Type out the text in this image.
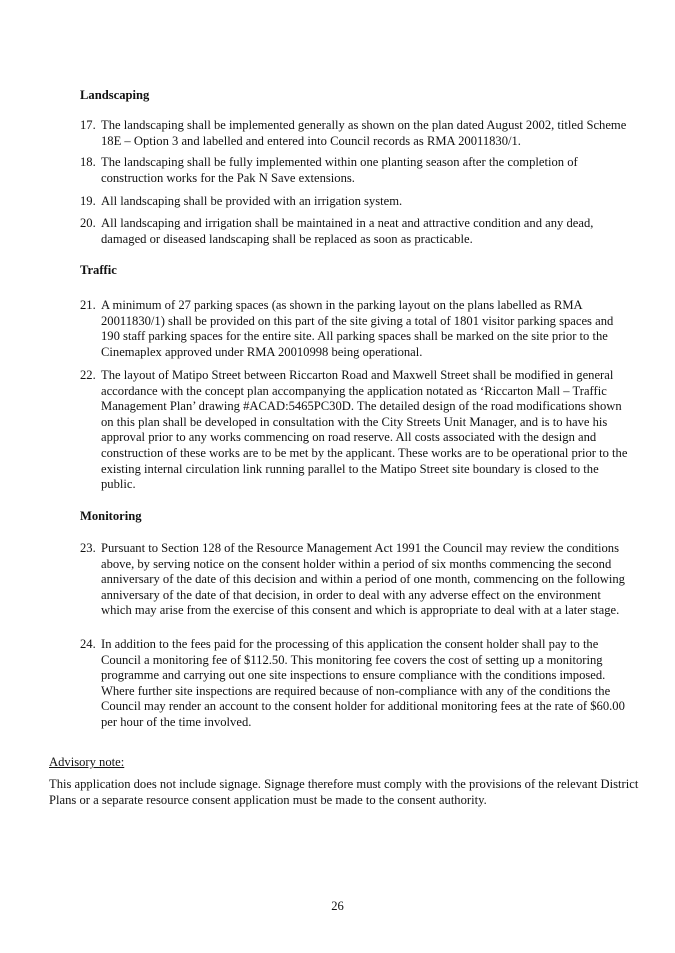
Landscaping
17. The landscaping shall be implemented generally as shown on the plan dated August 2002, titled Scheme 18E – Option 3 and labelled and entered into Council records as RMA 20011830/1.
18. The landscaping shall be fully implemented within one planting season after the completion of construction works for the Pak N Save extensions.
19. All landscaping shall be provided with an irrigation system.
20. All landscaping and irrigation shall be maintained in a neat and attractive condition and any dead, damaged or diseased landscaping shall be replaced as soon as practicable.
Traffic
21. A minimum of 27 parking spaces (as shown in the parking layout on the plans labelled as RMA 20011830/1) shall be provided on this part of the site giving a total of 1801 visitor parking spaces and 190 staff parking spaces for the entire site. All parking spaces shall be marked on the site prior to the Cinemaplex approved under RMA 20010998 being operational.
22. The layout of Matipo Street between Riccarton Road and Maxwell Street shall be modified in general accordance with the concept plan accompanying the application notated as ‘Riccarton Mall – Traffic Management Plan’ drawing #ACAD:5465PC30D. The detailed design of the road modifications shown on this plan shall be developed in consultation with the City Streets Unit Manager, and is to have his approval prior to any works commencing on road reserve. All costs associated with the design and construction of these works are to be met by the applicant. These works are to be operational prior to the existing internal circulation link running parallel to the Matipo Street site boundary is closed to the public.
Monitoring
23. Pursuant to Section 128 of the Resource Management Act 1991 the Council may review the conditions above, by serving notice on the consent holder within a period of six months commencing the second anniversary of the date of this decision and within a period of one month, commencing on the following anniversary of the date of that decision, in order to deal with any adverse effect on the environment which may arise from the exercise of this consent and which is appropriate to deal with at a later stage.
24. In addition to the fees paid for the processing of this application the consent holder shall pay to the Council a monitoring fee of $112.50. This monitoring fee covers the cost of setting up a monitoring programme and carrying out one site inspections to ensure compliance with the conditions imposed. Where further site inspections are required because of non-compliance with any of the conditions the Council may render an account to the consent holder for additional monitoring fees at the rate of $60.00 per hour of the time involved.
Advisory note:
This application does not include signage. Signage therefore must comply with the provisions of the relevant District Plans or a separate resource consent application must be made to the consent authority.
26
